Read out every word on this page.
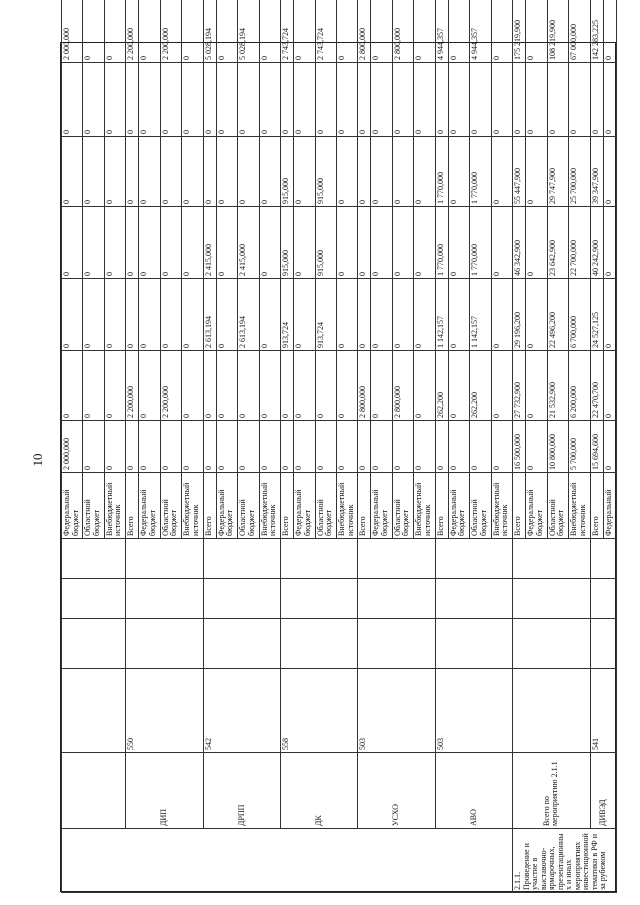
10
						Федеральный бюджет	2 000,000	0	0	0	0	0	2 000,000
						Областной бюджет	0	0	0	0	0	0	0
						Внебюджетный источник	0	0	0	0	0	0	0
	ДИП	550				Всего	0	2 200,000	0	0	0	0	2 200,000
						Федеральный бюджет	0	0	0	0	0	0	0
						Областной бюджет	0	2 200,000	0	0	0	0	2 200,000
						Внебюджетный источник	0	0	0	0	0	0	0
	ДРПП	542				Всего	0	0	2 613,194	2 415,000	0	0	5 028,194
						Федеральный бюджет	0	0	0	0	0	0	0
						Областной бюджет	0	0	2 613,194	2 415,000	0	0	5 028,194
						Внебюджетный источник	0	0	0	0	0	0	0
	ДК	558				Всего	0	0	913,724	915,000	915,000	0	2 743,724
						Федеральный бюджет	0	0	0	0	0	0	0
						Областной бюджет	0	0	913,724	915,000	915,000	0	2 743,724
						Внебюджетный источник	0	0	0	0	0	0	0
	УСХО	503				Всего	0	2 800,000	0	0	0	0	2 800,000
						Федеральный бюджет	0	0	0	0	0	0	0
						Областной бюджет	0	2 800,000	0	0	0	0	2 800,000
						Внебюджетный источник	0	0	0	0	0	0	0
	АВО	503				Всего	0	262,200	1 142,157	1 770,000	1 770,000	0	4 944,357
						Федеральный бюджет	0	0	0	0	0	0	0
						Областной бюджет	0	262,200	1 142,157	1 770,000	1 770,000	0	4 944,357
						Внебюджетный источник	0	0	0	0	0	0	0
2.1.1. Проведение и участие в выставочно-ярмарочных, презентационных и иных мероприятиях инвестиционной тематики в РФ и за рубежом	Всего по мероприятию 2.1.1					Всего	16 500,000	27 732,900	29 196,200	46 342,900	55 447,900	0	175 219,900
						Федеральный бюджет	0	0	0	0	0	0	0
						Областной бюджет	10 800,000	21 532,900	22 496,200	23 642,900	29 747,900	0	108 219,900
						Внебюджетный источник	5 700,000	6 200,000	6 700,000	22 700,000	25 700,000	0	67 000,000
	ДИВЭД	541				Всего	15 694,600	22 470,700	24 527,125	40 242,900	39 347,900	0	142 283,225
						Федеральный	0	0	0	0	0	0	0
